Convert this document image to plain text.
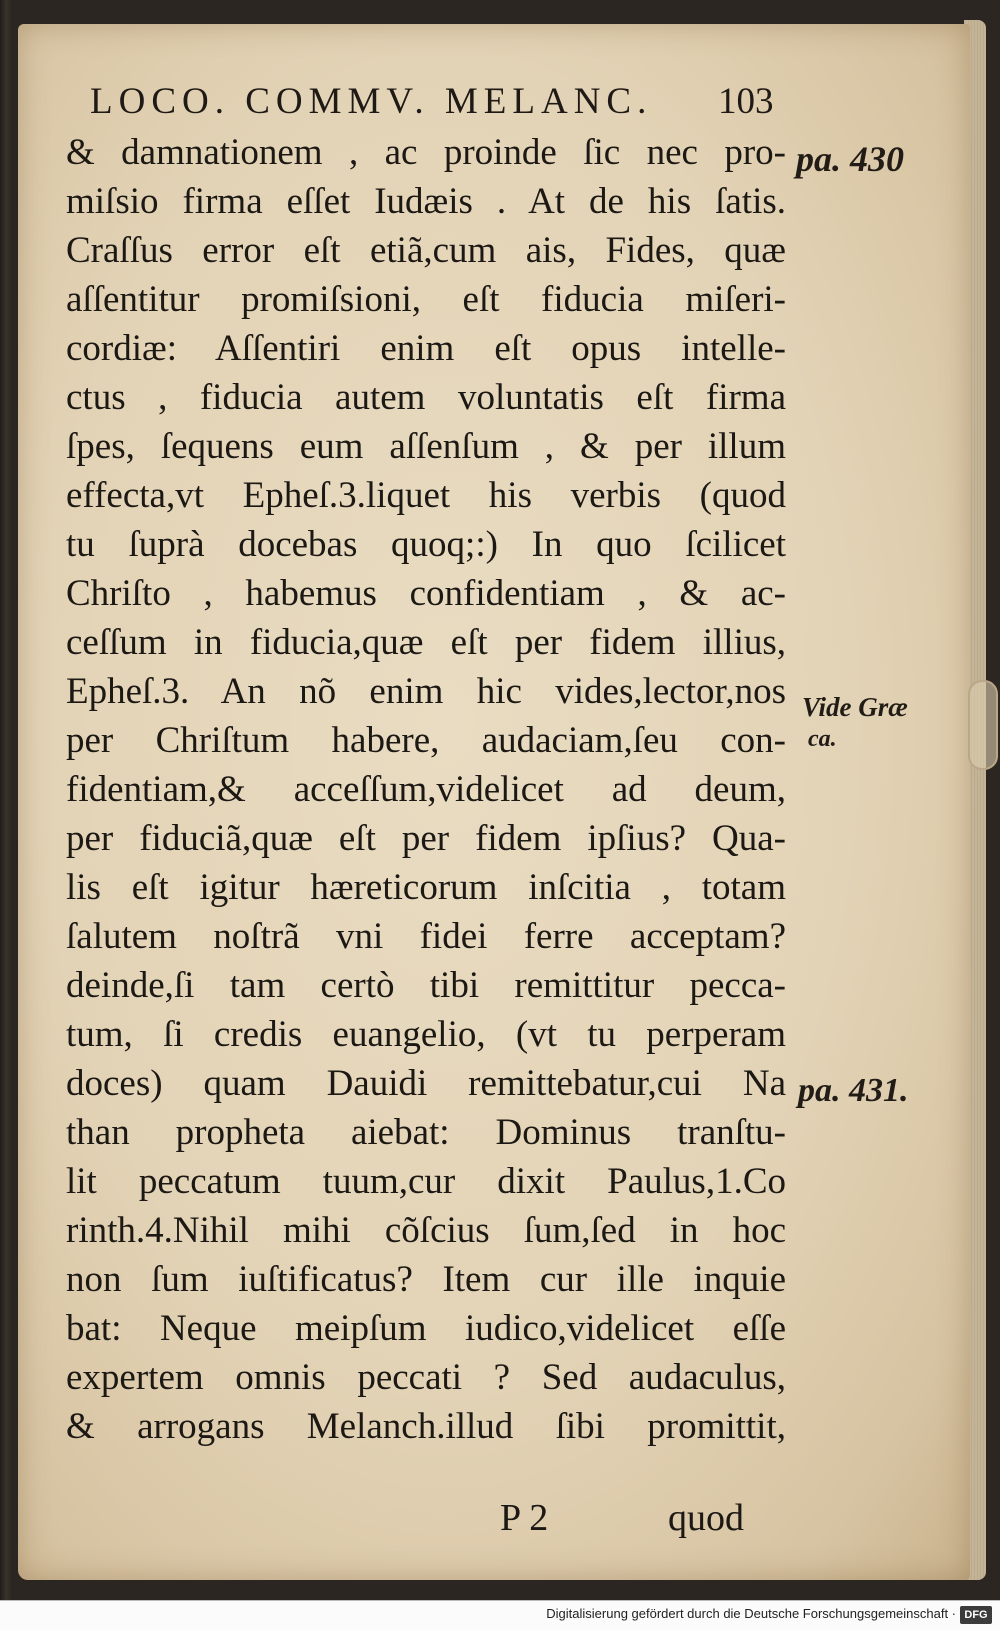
LOCO. COMMV. MELANC. 103
& damnationem , ac proinde ſic nec pro-
miſsio firma eſſet Iudæis . At de his ſatis.
Craſſus error eſt etiã,cum ais, Fides, quæ
aſſentitur promiſsioni, eſt fiducia miſeri-
cordiæ: Aſſentiri enim eſt opus intelle-
ctus , fiducia autem voluntatis eſt firma
ſpes, ſequens eum aſſenſum , & per illum
effecta,vt Epheſ.3.liquet his verbis (quod
tu ſuprà docebas quoq;:) In quo ſcilicet
Chriſto , habemus confidentiam , & ac-
ceſſum in fiducia,quæ eſt per fidem illius,
Epheſ.3. An nõ enim hic vides,lector,nos
per Chriſtum habere, audaciam,ſeu con-
fidentiam,& acceſſum,videlicet ad deum,
per fiduciã,quæ eſt per fidem ipſius? Qua-
lis eſt igitur hæreticorum inſcitia , totam
ſalutem noſtrã vni fidei ferre acceptam?
deinde,ſi tam certò tibi remittitur pecca-
tum, ſi credis euangelio, (vt tu perperam
doces) quam Dauidi remittebatur,cui Na
than propheta aiebat: Dominus tranſtu-
lit peccatum tuum,cur dixit Paulus,1.Co
rinth.4.Nihil mihi cõſcius ſum,ſed in hoc
non ſum iuſtificatus? Item cur ille inquie
bat: Neque meipſum iudico,videlicet eſſe
expertem omnis peccati ? Sed audaculus,
& arrogans Melanch.illud ſibi promittit,
P 2	quod
pa. 430
Vide Græ
ca.
pa. 431.
Digitalisierung gefördert durch die Deutsche Forschungsgemeinschaft · DFG
